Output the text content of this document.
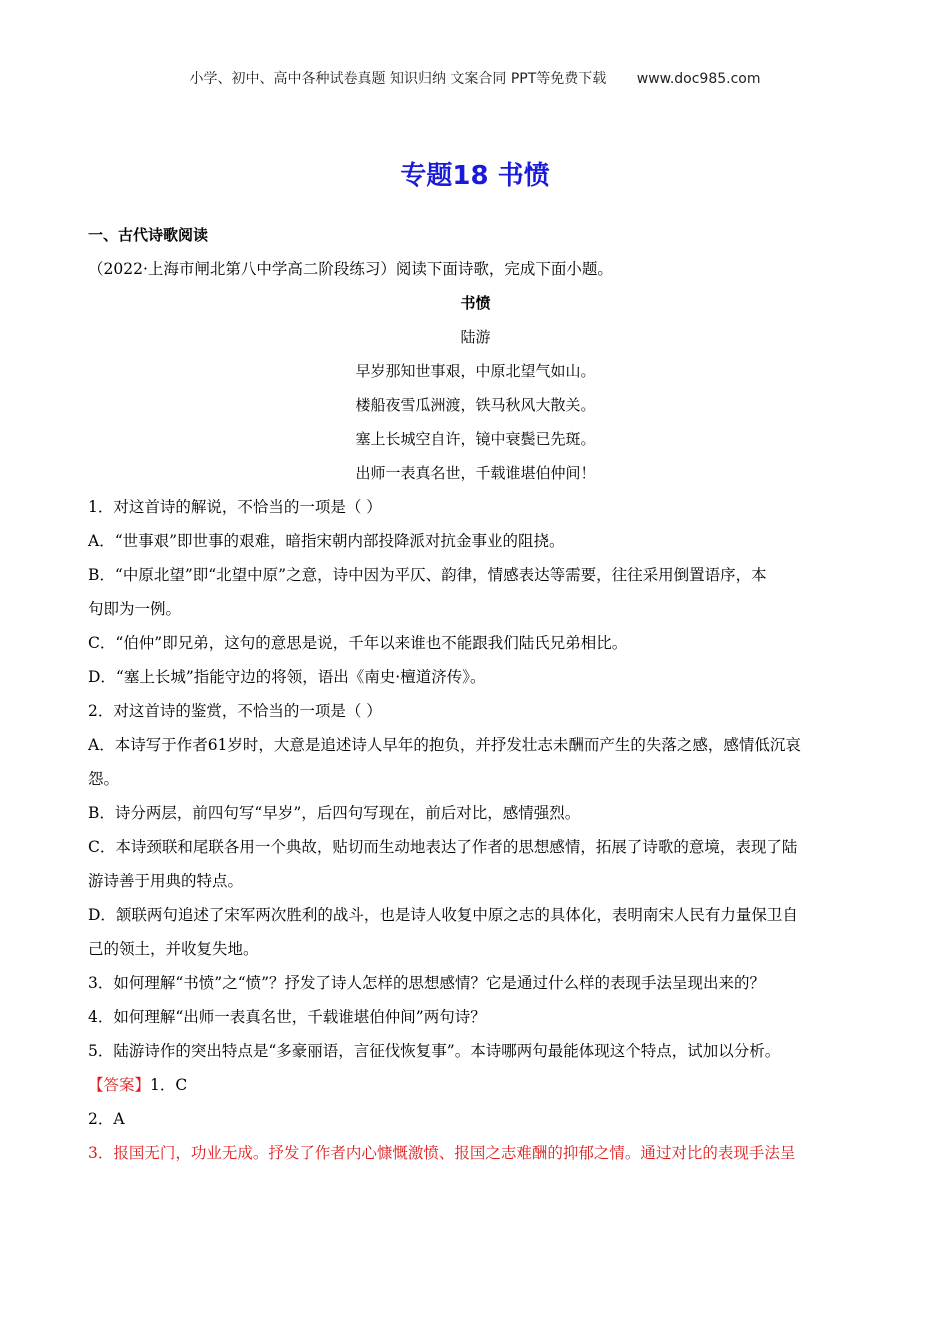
小学、初中、高中各种试卷真题 知识归纳 文案合同 PPT等免费下载 www.doc985.com
专题18 书愤

一、古代诗歌阅读

（2022·上海市闸北第八中学高二阶段练习）阅读下面诗歌，完成下面小题。

书愤

陆游

早岁那知世事艰，中原北望气如山。

楼船夜雪瓜洲渡，铁马秋风大散关。

塞上长城空自许，镜中衰鬓已先斑。

出师一表真名世，千载谁堪伯仲间！

1．对这首诗的解说，不恰当的一项是（ ）

A．“世事艰”即世事的艰难，暗指宋朝内部投降派对抗金事业的阻挠。

B．“中原北望”即“北望中原”之意，诗中因为平仄、韵律，情感表达等需要，往往采用倒置语序，本

句即为一例。

C．“伯仲”即兄弟，这句的意思是说，千年以来谁也不能跟我们陆氏兄弟相比。

D．“塞上长城”指能守边的将领，语出《南史·檀道济传》。

2．对这首诗的鉴赏，不恰当的一项是（ ）

A．本诗写于作者61岁时，大意是追述诗人早年的抱负，并抒发壮志未酬而产生的失落之感，感情低沉哀

怨。

B．诗分两层，前四句写“早岁”，后四句写现在，前后对比，感情强烈。

C．本诗颈联和尾联各用一个典故，贴切而生动地表达了作者的思想感情，拓展了诗歌的意境，表现了陆

游诗善于用典的特点。

D．颔联两句追述了宋军两次胜利的战斗，也是诗人收复中原之志的具体化，表明南宋人民有力量保卫自

己的领土，并收复失地。

3．如何理解“书愤”之“愤”？抒发了诗人怎样的思想感情？它是通过什么样的表现手法呈现出来的？

4．如何理解“出师一表真名世，千载谁堪伯仲间”两句诗？

5．陆游诗作的突出特点是“多豪丽语，言征伐恢复事”。本诗哪两句最能体现这个特点，试加以分析。

【答案】1．C

2．A

3．报国无门，功业无成。抒发了作者内心慷慨激愤、报国之志难酬的抑郁之情。通过对比的表现手法呈
